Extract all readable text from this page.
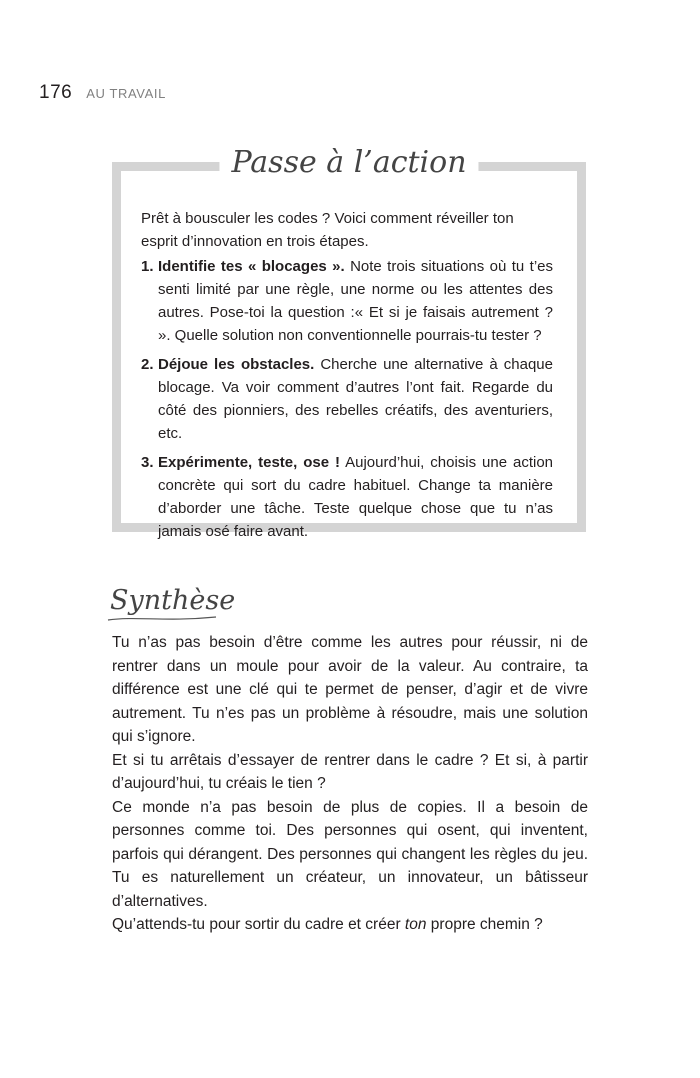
176 AU TRAVAIL
Passe à l’action

Prêt à bousculer les codes ? Voici comment réveiller ton esprit d’innovation en trois étapes.

1. Identifie tes « blocages ». Note trois situations où tu t’es senti limité par une règle, une norme ou les attentes des autres. Pose-toi la question :« Et si je faisais autrement ? ». Quelle solution non conventionnelle pourrais-tu tester ?
2. Déjoue les obstacles. Cherche une alternative à chaque blocage. Va voir comment d’autres l’ont fait. Regarde du côté des pionniers, des rebelles créatifs, des aventuriers, etc.
3. Expérimente, teste, ose ! Aujourd’hui, choisis une action concrète qui sort du cadre habituel. Change ta manière d’aborder une tâche. Teste quelque chose que tu n’as jamais osé faire avant.
Synthèse

Tu n’as pas besoin d’être comme les autres pour réussir, ni de rentrer dans un moule pour avoir de la valeur. Au contraire, ta différence est une clé qui te permet de penser, d’agir et de vivre autrement. Tu n’es pas un problème à résoudre, mais une solution qui s’ignore.

Et si tu arrêtais d’essayer de rentrer dans le cadre ? Et si, à partir d’aujourd’hui, tu créais le tien ?

Ce monde n’a pas besoin de plus de copies. Il a besoin de personnes comme toi. Des personnes qui osent, qui inventent, parfois qui dérangent. Des personnes qui changent les règles du jeu. Tu es naturellement un créateur, un innovateur, un bâtisseur d’alternatives.

Qu’attends-tu pour sortir du cadre et créer ton propre chemin ?
